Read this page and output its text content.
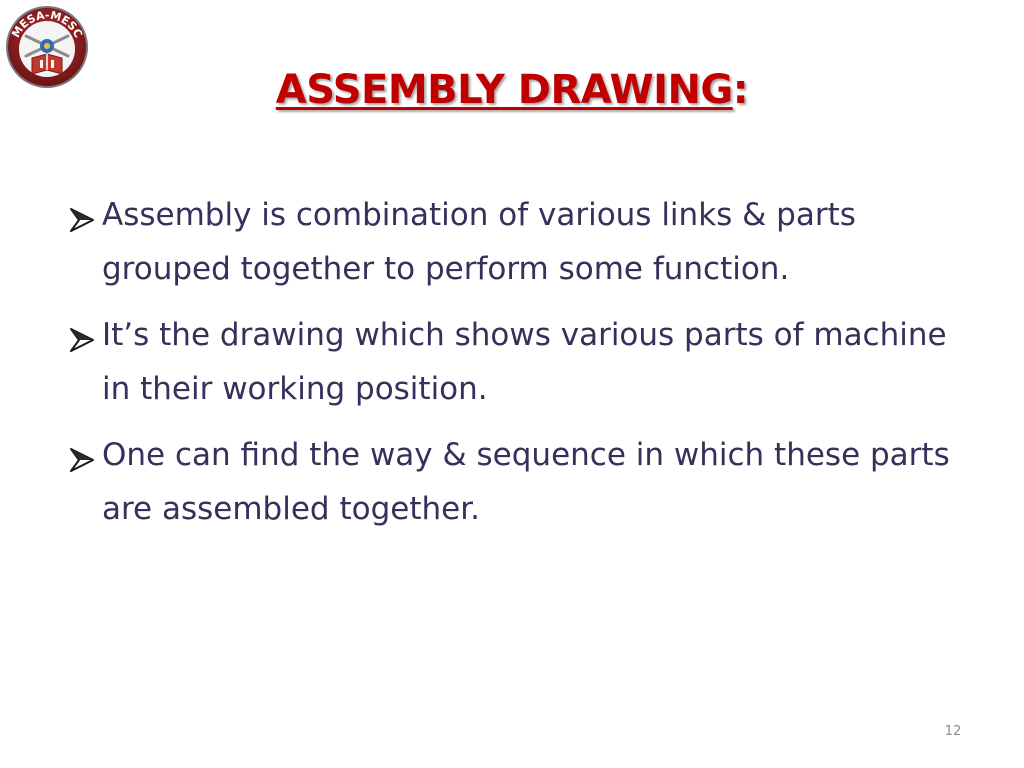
MESA-MESC
ASSEMBLY DRAWING:
Assembly is combination of various links & parts grouped together to perform some function.
It’s the drawing which shows various parts of machine in their working position.
One can find the way & sequence in which these parts are assembled together.
12
